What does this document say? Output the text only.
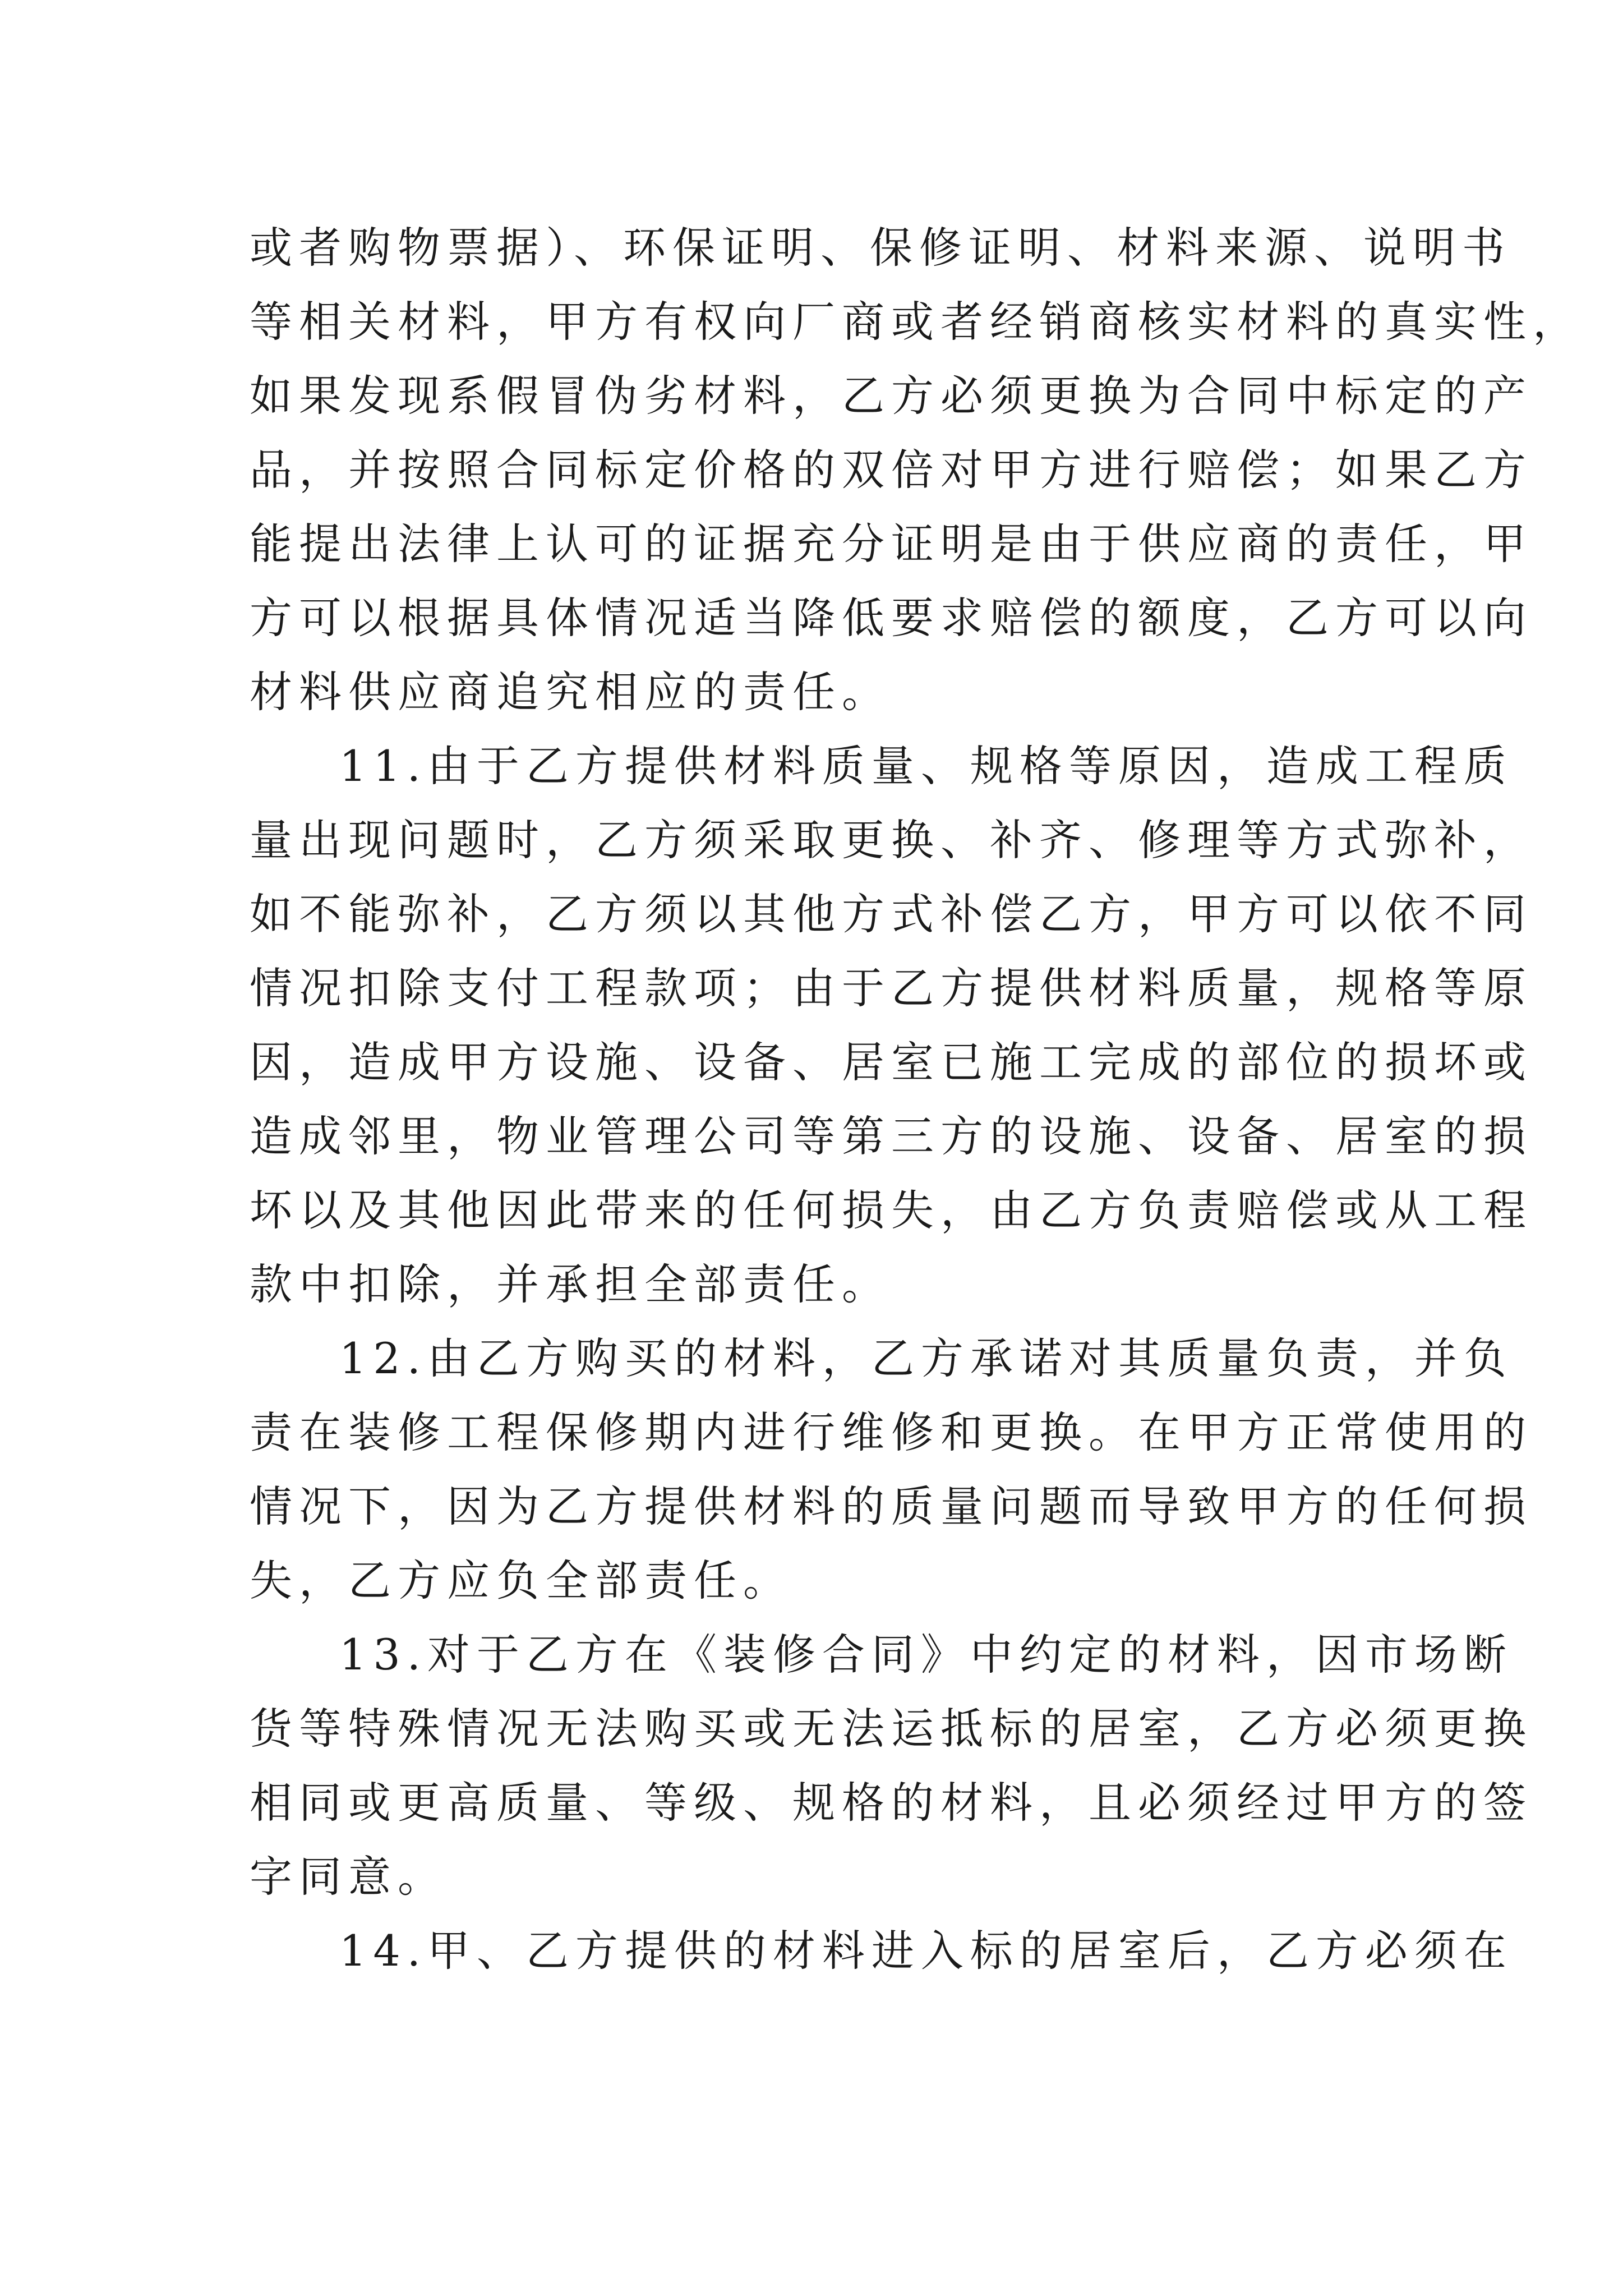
或者购物票据）、环保证明、保修证明、材料来源、说明书
等相关材料，甲方有权向厂商或者经销商核实材料的真实性，
如果发现系假冒伪劣材料，乙方必须更换为合同中标定的产
品，并按照合同标定价格的双倍对甲方进行赔偿；如果乙方
能提出法律上认可的证据充分证明是由于供应商的责任，甲
方可以根据具体情况适当降低要求赔偿的额度，乙方可以向
材料供应商追究相应的责任。
11.由于乙方提供材料质量、规格等原因，造成工程质
量出现问题时，乙方须采取更换、补齐、修理等方式弥补，
如不能弥补，乙方须以其他方式补偿乙方，甲方可以依不同
情况扣除支付工程款项；由于乙方提供材料质量，规格等原
因，造成甲方设施、设备、居室已施工完成的部位的损坏或
造成邻里，物业管理公司等第三方的设施、设备、居室的损
坏以及其他因此带来的任何损失，由乙方负责赔偿或从工程
款中扣除，并承担全部责任。
12.由乙方购买的材料，乙方承诺对其质量负责，并负
责在装修工程保修期内进行维修和更换。在甲方正常使用的
情况下，因为乙方提供材料的质量问题而导致甲方的任何损
失，乙方应负全部责任。
13.对于乙方在《装修合同》中约定的材料，因市场断
货等特殊情况无法购买或无法运抵标的居室，乙方必须更换
相同或更高质量、等级、规格的材料，且必须经过甲方的签
字同意。
14.甲、乙方提供的材料进入标的居室后，乙方必须在
